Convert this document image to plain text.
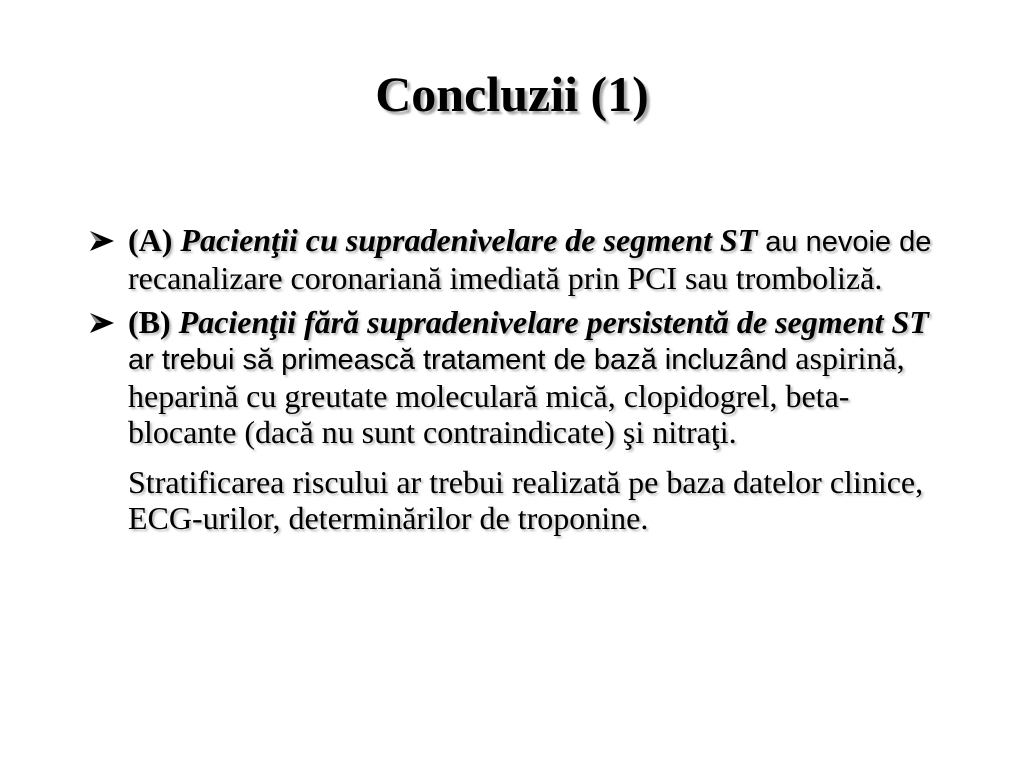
Concluzii (1)
(A) Pacienţii cu supradenivelare de segment ST au nevoie de recanalizare coronariană imediată prin PCI sau tromboliză.
(B) Pacienţii fără supradenivelare persistentă de segment ST ar trebui să primească tratament de bază incluzând aspirină, heparină cu greutate moleculară mică, clopidogrel, beta-blocante (dacă nu sunt contraindicate) şi nitraţi.
Stratificarea riscului ar trebui realizată pe baza datelor clinice, ECG-urilor, determinărilor de troponine.
